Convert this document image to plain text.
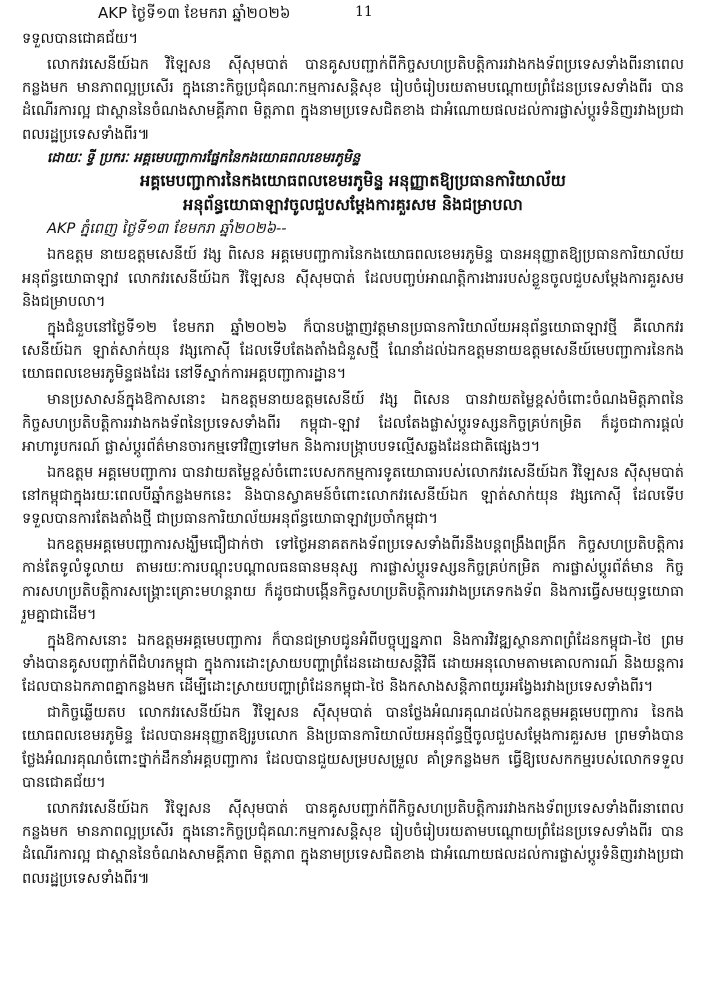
AKP ថ្ងៃទី១៣ ខែមករា ឆ្នាំ២០២៦	11

ទទួលបានជោគជ័យ។

លោកវរសេនីយ៍ឯក វិឡៃសន ស៊ីសុមបាត់ បានគូសបញ្ជាក់ពីកិច្ចសហប្រតិបត្តិការរវាងកងទ័ពប្រទេសទាំងពីរនាពេលកន្លងមក មានភាពល្អប្រសើរ ក្នុងនោះកិច្ចប្រជុំគណៈកម្មការសន្តិសុខ រៀបចំរៀបរយតាមបណ្ដោយព្រំដែនប្រទេសទាំងពីរ បានដំណើរការល្អ ជាស្ពាននៃចំណងសាមគ្គីភាព មិត្តភាព ក្នុងនាមប្រទេសជិតខាង ជាអំណោយផលដល់ការផ្លាស់ប្ដូរទំនិញរវាងប្រជាពលរដ្ឋប្រទេសទាំងពីរ៕

ដោយៈ ទី្វ ប្រករៈ អគ្គមេបញ្ជាការផ្នែកនៃកងយោធពលខេមរភូមិន្ទ
អគ្គមេបញ្ជាការនៃកងយោធពលខេមរភូមិន្ទ អនុញ្ញាតឱ្យប្រធានការិយាល័យ
អនុព័ន្ធយោធាឡាវចូលជួបសម្តែងការគួរសម និងជម្រាបលា
AKP ភ្នំពេញ ថ្ងៃទី១៣ ខែមករា ឆ្នាំ២០២៦--

ឯកឧត្តម នាយឧត្តមសេនីយ៍ វង្ស ពិសេន អគ្គមេបញ្ជាការនៃកងយោធពលខេមរភូមិន្ទ បានអនុញ្ញាតឱ្យប្រធានការិយាល័យអនុព័ន្ធយោធាឡាវ លោកវរសេនីយ៍ឯក វិឡៃសន ស៊ីសុមបាត់ ដែលបញ្ចប់អាណត្តិការងាររបស់ខ្លួនចូលជួបសម្តែងការគួរសម និងជម្រាបលា។

ក្នុងជំនួបនៅថ្ងៃទី១២ ខែមករា ឆ្នាំ២០២៦ ក៏បានបង្ហាញវត្តមានប្រធានការិយាល័យអនុព័ន្ធយោធាឡាវថ្មី គឺលោកវរសេនីយ៍ឯក ឡាត់សាក់យុន វង្សកោស៊ី ដែលទើបតែងតាំងជំនួសថ្មី ណែនាំដល់ឯកឧត្តមនាយឧត្តមសេនីយ៍មេបញ្ជាការនៃកងយោធពលខេមរភូមិន្ទផងដែរ នៅទីស្នាក់ការអគ្គបញ្ជាការដ្ឋាន។

មានប្រសាសន៍ក្នុងឱកាសនោះ ឯកឧត្តមនាយឧត្តមសេនីយ៍ វង្ស ពិសេន បានវាយតម្លៃខ្ពស់ចំពោះចំណងមិត្តភាពនៃកិច្ចសហប្រតិបត្តិការរវាងកងទ័ពនៃប្រទេសទាំងពីរ កម្ពុជា-ឡាវ ដែលតែងផ្លាស់ប្ដូរទស្សនកិច្ចគ្រប់កម្រិត ក៏ដូចជាការផ្ដល់អាហារូបករណ៍ ផ្លាស់ប្ដូរព័ត៌មានចារកម្មទៅវិញទៅមក និងការបង្ក្រាបបទល្មើសឆ្លងដែនជាតិផ្សេងៗ។

ឯកឧត្តម អគ្គមេបញ្ជាការ បានវាយតម្លៃខ្ពស់ចំពោះបេសកកម្មការទូតយោធារបស់លោកវរសេនីយ៍ឯក វិឡៃសន ស៊ីសុមបាត់ នៅកម្ពុជាក្នុងរយៈពេលបីឆ្នាំកន្លងមកនេះ និងបានស្វាគមន៍ចំពោះលោកវរសេនីយ៍ឯក ឡាត់សាក់យុន វង្សកោស៊ី ដែលទើបទទួលបានការតែងតាំងថ្មី ជាប្រធានការិយាល័យអនុព័ន្ធយោធាឡាវប្រចាំកម្ពុជា។

ឯកឧត្តមអគ្គមេបញ្ជាការសង្ឃឹមជឿជាក់ថា ទៅថ្ងៃអនាគតកងទ័ពប្រទេសទាំងពីរនឹងបន្តពង្រឹងពង្រីក កិច្ចសហប្រតិបត្តិការកាន់តែទូលំទូលាយ តាមរយៈការបណ្ដុះបណ្ដាលធនធានមនុស្ស ការផ្លាស់ប្ដូរទស្សនកិច្ចគ្រប់កម្រិត ការផ្លាស់ប្ដូរព័ត៌មាន កិច្ចការសហប្រតិបត្តិការសង្គ្រោះគ្រោះមហន្តរាយ ក៏ដូចជាបង្កើនកិច្ចសហប្រតិបត្តិការរវាងប្រភេទកងទ័ព និងការធ្វើសមយុទ្ធយោធារួមគ្នាជាដើម។

ក្នុងឱកាសនោះ ឯកឧត្តមអគ្គមេបញ្ជាការ ក៏បានជម្រាបជូនអំពីបច្ចុប្បន្នភាព និងការវិវឌ្ឍស្ថានភាពព្រំដែនកម្ពុជា-ថៃ ព្រមទាំងបានគូសបញ្ជាក់ពីជំហរកម្ពុជា ក្នុងការដោះស្រាយបញ្ហាព្រំដែនដោយសន្តិវិធី ដោយអនុលោមតាមគោលការណ៍ និងយន្តការដែលបានឯកភាពគ្នាកន្លងមក ដើម្បីដោះស្រាយបញ្ហាព្រំដែនកម្ពុជា-ថៃ និងកសាងសន្តិភាពយូរអង្វែងរវាងប្រទេសទាំងពីរ។

ជាកិច្ចឆ្លើយតប លោកវរសេនីយ៍ឯក វិឡៃសន ស៊ីសុមបាត់ បានថ្លែងអំណរគុណដល់ឯកឧត្តមអគ្គមេបញ្ជាការ នៃកងយោធពលខេមរភូមិន្ទ ដែលបានអនុញ្ញាតឱ្យរូបលោក និងប្រធានការិយាល័យអនុព័ន្ធថ្មីចូលជួបសម្តែងការគួរសម ព្រមទាំងបានថ្លែងអំណរគុណចំពោះថ្នាក់ដឹកនាំអគ្គបញ្ជាការ ដែលបានជួយសម្របសម្រួល គាំទ្រកន្លងមក ធ្វើឱ្យបេសកកម្មរបស់លោកទទួលបានជោគជ័យ។

លោកវរសេនីយ៍ឯក វិឡៃសន ស៊ីសុមបាត់ បានគូសបញ្ជាក់ពីកិច្ចសហប្រតិបត្តិការរវាងកងទ័ពប្រទេសទាំងពីរនាពេលកន្លងមក មានភាពល្អប្រសើរ ក្នុងនោះកិច្ចប្រជុំគណៈកម្មការសន្តិសុខ រៀបចំរៀបរយតាមបណ្ដោយព្រំដែនប្រទេសទាំងពីរ បានដំណើរការល្អ ជាស្ពាននៃចំណងសាមគ្គីភាព មិត្តភាព ក្នុងនាមប្រទេសជិតខាង ជាអំណោយផលដល់ការផ្លាស់ប្ដូរទំនិញរវាងប្រជាពលរដ្ឋប្រទេសទាំងពីរ៕
